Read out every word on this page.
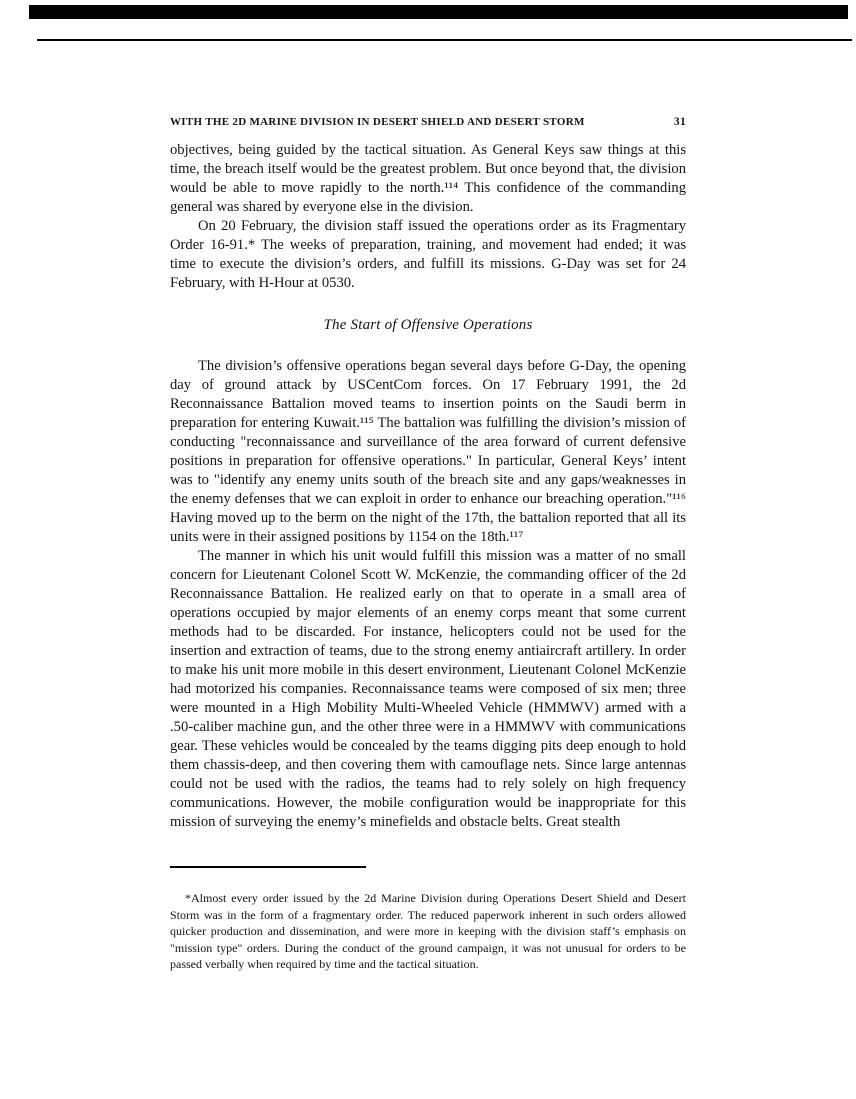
WITH THE 2D MARINE DIVISION IN DESERT SHIELD AND DESERT STORM	31

objectives, being guided by the tactical situation. As General Keys saw things at this time, the breach itself would be the greatest problem. But once beyond that, the division would be able to move rapidly to the north.¹¹⁴ This confidence of the commanding general was shared by everyone else in the division.

On 20 February, the division staff issued the operations order as its Fragmentary Order 16-91.* The weeks of preparation, training, and movement had ended; it was time to execute the division’s orders, and fulfill its missions. G-Day was set for 24 February, with H-Hour at 0530.

The Start of Offensive Operations

The division’s offensive operations began several days before G-Day, the opening day of ground attack by USCentCom forces. On 17 February 1991, the 2d Reconnaissance Battalion moved teams to insertion points on the Saudi berm in preparation for entering Kuwait.¹¹⁵ The battalion was fulfilling the division’s mission of conducting "reconnaissance and surveillance of the area forward of current defensive positions in preparation for offensive operations." In particular, General Keys’ intent was to "identify any enemy units south of the breach site and any gaps/weaknesses in the enemy defenses that we can exploit in order to enhance our breaching operation."¹¹⁶ Having moved up to the berm on the night of the 17th, the battalion reported that all its units were in their assigned positions by 1154 on the 18th.¹¹⁷

The manner in which his unit would fulfill this mission was a matter of no small concern for Lieutenant Colonel Scott W. McKenzie, the commanding officer of the 2d Reconnaissance Battalion. He realized early on that to operate in a small area of operations occupied by major elements of an enemy corps meant that some current methods had to be discarded. For instance, helicopters could not be used for the insertion and extraction of teams, due to the strong enemy antiaircraft artillery. In order to make his unit more mobile in this desert environment, Lieutenant Colonel McKenzie had motorized his companies. Reconnaissance teams were composed of six men; three were mounted in a High Mobility Multi-Wheeled Vehicle (HMMWV) armed with a .50-caliber machine gun, and the other three were in a HMMWV with communications gear. These vehicles would be concealed by the teams digging pits deep enough to hold them chassis-deep, and then covering them with camouflage nets. Since large antennas could not be used with the radios, the teams had to rely solely on high frequency communications. However, the mobile configuration would be inappropriate for this mission of surveying the enemy’s minefields and obstacle belts. Great stealth

*Almost every order issued by the 2d Marine Division during Operations Desert Shield and Desert Storm was in the form of a fragmentary order. The reduced paperwork inherent in such orders allowed quicker production and dissemination, and were more in keeping with the division staff’s emphasis on "mission type" orders. During the conduct of the ground campaign, it was not unusual for orders to be passed verbally when required by time and the tactical situation.
